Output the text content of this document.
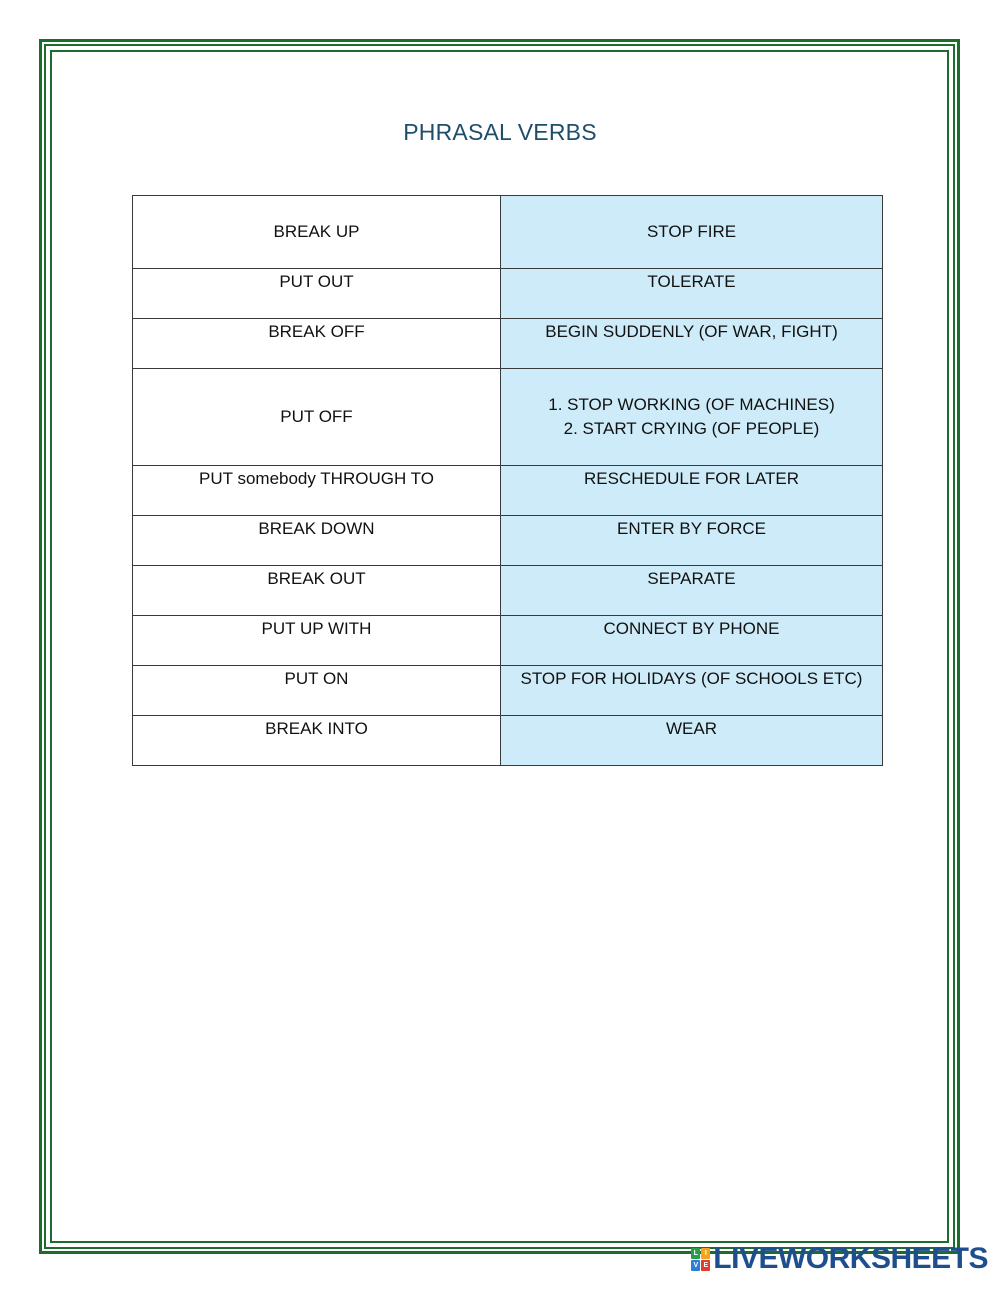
PHRASAL VERBS
BREAK UP	STOP FIRE

PUT OUT	TOLERATE

BREAK OFF	BEGIN SUDDENLY (OF WAR, FIGHT)

PUT OFF	1. STOP WORKING (OF MACHINES)
2. START CRYING (OF PEOPLE)

PUT somebody THROUGH TO	RESCHEDULE FOR LATER

BREAK DOWN	ENTER BY FORCE

BREAK OUT	SEPARATE

PUT UP WITH	CONNECT BY PHONE

PUT ON	STOP FOR HOLIDAYS (OF SCHOOLS ETC)

BREAK INTO	WEAR
L I
V E LIVEWORKSHEETS
